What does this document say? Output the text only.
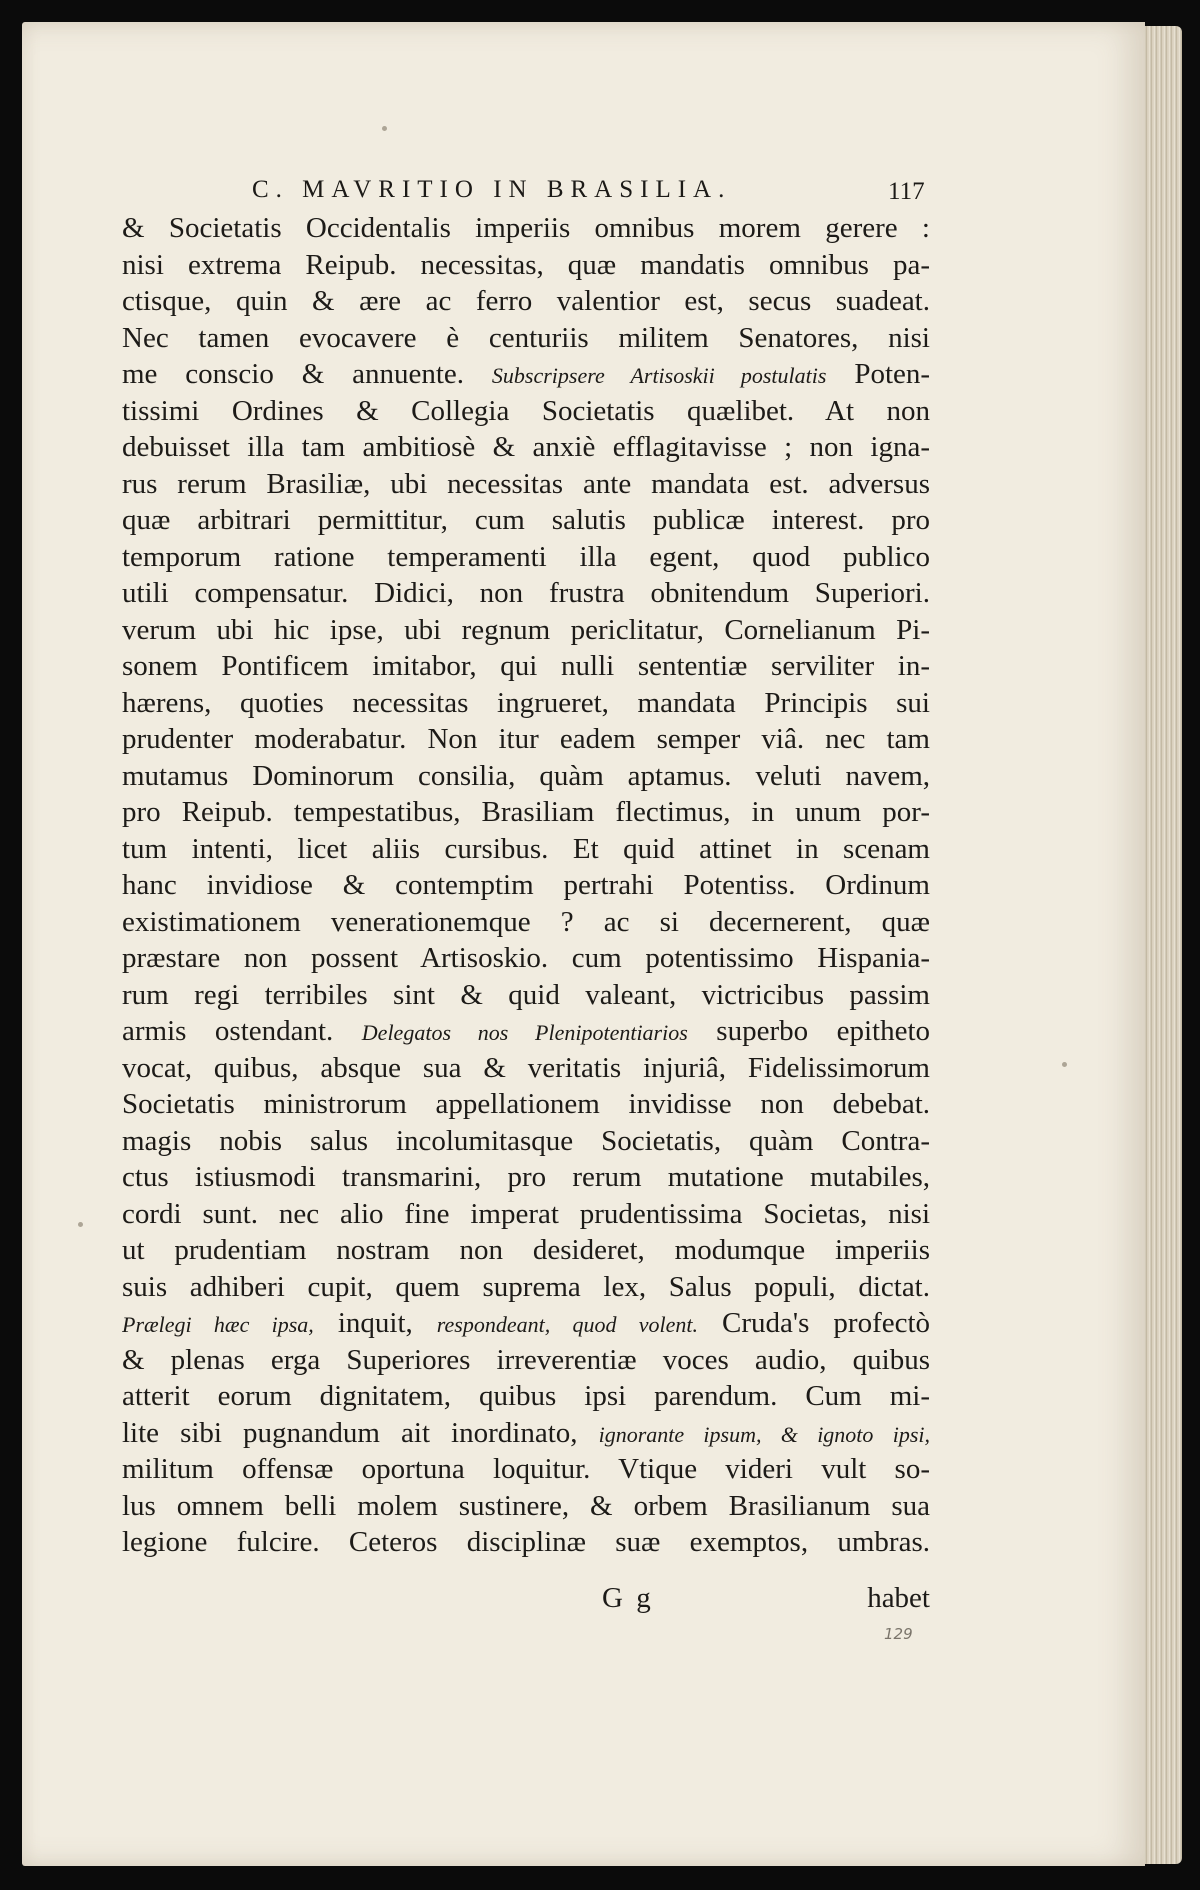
C. MAVRITIO IN BRASILIA.	117
& Societatis Occidentalis imperiis omnibus morem gerere :
nisi extrema Reipub. necessitas, quæ mandatis omnibus pa-
ctisque, quin & ære ac ferro valentior est, secus suadeat.
Nec tamen evocavere è centuriis militem Senatores, nisi
me conscio & annuente. Subscripsere Artisoskii postulatis Poten-
tissimi Ordines & Collegia Societatis quælibet. At non
debuisset illa tam ambitiosè & anxiè efflagitavisse ; non igna-
rus rerum Brasiliæ, ubi necessitas ante mandata est. adversus
quæ arbitrari permittitur, cum salutis publicæ interest. pro
temporum ratione temperamenti illa egent, quod publico
utili compensatur. Didici, non frustra obnitendum Superiori.
verum ubi hic ipse, ubi regnum periclitatur, Cornelianum Pi-
sonem Pontificem imitabor, qui nulli sententiæ serviliter in-
hærens, quoties necessitas ingrueret, mandata Principis sui
prudenter moderabatur. Non itur eadem semper viâ. nec tam
mutamus Dominorum consilia, quàm aptamus. veluti navem,
pro Reipub. tempestatibus, Brasiliam flectimus, in unum por-
tum intenti, licet aliis cursibus. Et quid attinet in scenam
hanc invidiose & contemptim pertrahi Potentiss. Ordinum
existimationem venerationemque ? ac si decernerent, quæ
præstare non possent Artisoskio. cum potentissimo Hispania-
rum regi terribiles sint & quid valeant, victricibus passim
armis ostendant. Delegatos nos Plenipotentiarios superbo epitheto
vocat, quibus, absque sua & veritatis injuriâ, Fidelissimorum
Societatis ministrorum appellationem invidisse non debebat.
magis nobis salus incolumitasque Societatis, quàm Contra-
ctus istiusmodi transmarini, pro rerum mutatione mutabiles,
cordi sunt. nec alio fine imperat prudentissima Societas, nisi
ut prudentiam nostram non desideret, modumque imperiis
suis adhiberi cupit, quem suprema lex, Salus populi, dictat.
Prælegi hæc ipsa, inquit, respondeant, quod volent. Cruda's profectò
& plenas erga Superiores irreverentiæ voces audio, quibus
atterit eorum dignitatem, quibus ipsi parendum. Cum mi-
lite sibi pugnandum ait inordinato, ignorante ipsum, & ignoto ipsi,
militum offensæ oportuna loquitur. Vtique videri vult so-
lus omnem belli molem sustinere, & orbem Brasilianum sua
legione fulcire. Ceteros disciplinæ suæ exemptos, umbras.
G g	habet
129
